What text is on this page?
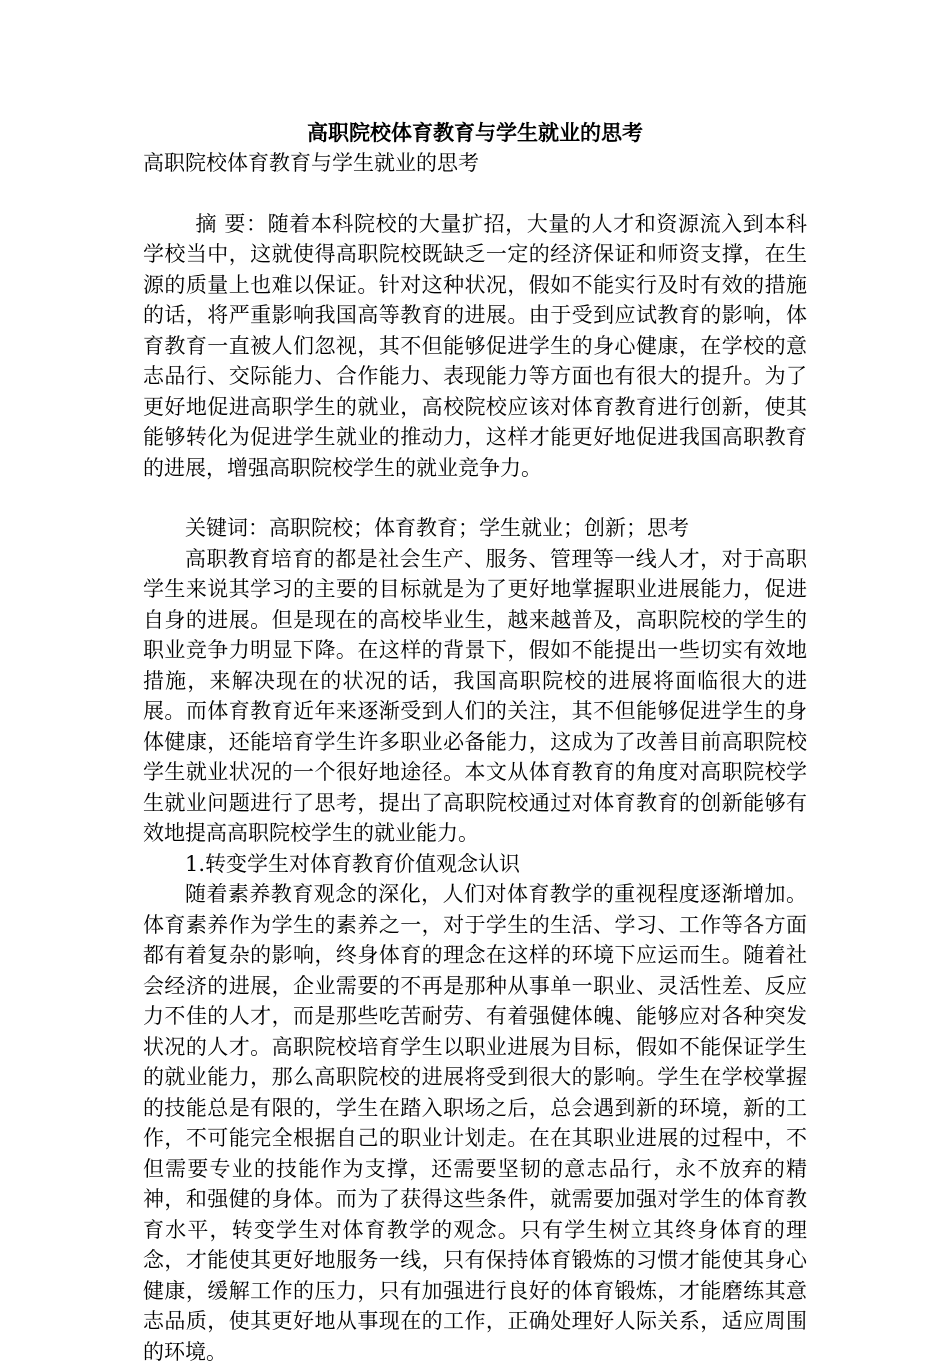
高职院校体育教育与学生就业的思考

高职院校体育教育与学生就业的思考

摘 要：随着本科院校的大量扩招，大量的人才和资源流入到本科学校当中，这就使得高职院校既缺乏一定的经济保证和师资支撑，在生源的质量上也难以保证。针对这种状况，假如不能实行及时有效的措施的话，将严重影响我国高等教育的进展。由于受到应试教育的影响，体育教育一直被人们忽视，其不但能够促进学生的身心健康，在学校的意志品行、交际能力、合作能力、表现能力等方面也有很大的提升。为了更好地促进高职学生的就业，高校院校应该对体育教育进行创新，使其能够转化为促进学生就业的推动力，这样才能更好地促进我国高职教育的进展，增强高职院校学生的就业竞争力。

关键词：高职院校；体育教育；学生就业；创新；思考

高职教育培育的都是社会生产、服务、管理等一线人才，对于高职学生来说其学习的主要的目标就是为了更好地掌握职业进展能力，促进自身的进展。但是现在的高校毕业生，越来越普及，高职院校的学生的职业竞争力明显下降。在这样的背景下，假如不能提出一些切实有效地措施，来解决现在的状况的话，我国高职院校的进展将面临很大的进展。而体育教育近年来逐渐受到人们的关注，其不但能够促进学生的身体健康，还能培育学生许多职业必备能力，这成为了改善目前高职院校学生就业状况的一个很好地途径。本文从体育教育的角度对高职院校学生就业问题进行了思考，提出了高职院校通过对体育教育的创新能够有效地提高高职院校学生的就业能力。

1.转变学生对体育教育价值观念认识

随着素养教育观念的深化，人们对体育教学的重视程度逐渐增加。体育素养作为学生的素养之一，对于学生的生活、学习、工作等各方面都有着复杂的影响，终身体育的理念在这样的环境下应运而生。随着社会经济的进展，企业需要的不再是那种从事单一职业、灵活性差、反应力不佳的人才，而是那些吃苦耐劳、有着强健体魄、能够应对各种突发状况的人才。高职院校培育学生以职业进展为目标，假如不能保证学生的就业能力，那么高职院校的进展将受到很大的影响。学生在学校掌握的技能总是有限的，学生在踏入职场之后，总会遇到新的环境，新的工作，不可能完全根据自己的职业计划走。在在其职业进展的过程中，不但需要专业的技能作为支撑，还需要坚韧的意志品行，永不放弃的精神，和强健的身体。而为了获得这些条件，就需要加强对学生的体育教育水平，转变学生对体育教学的观念。只有学生树立其终身体育的理念，才能使其更好地服务一线，只有保持体育锻炼的习惯才能使其身心健康，缓解工作的压力，只有加强进行良好的体育锻炼，才能磨练其意志品质，使其更好地从事现在的工作，正确处理好人际关系，适应周围的环境。
